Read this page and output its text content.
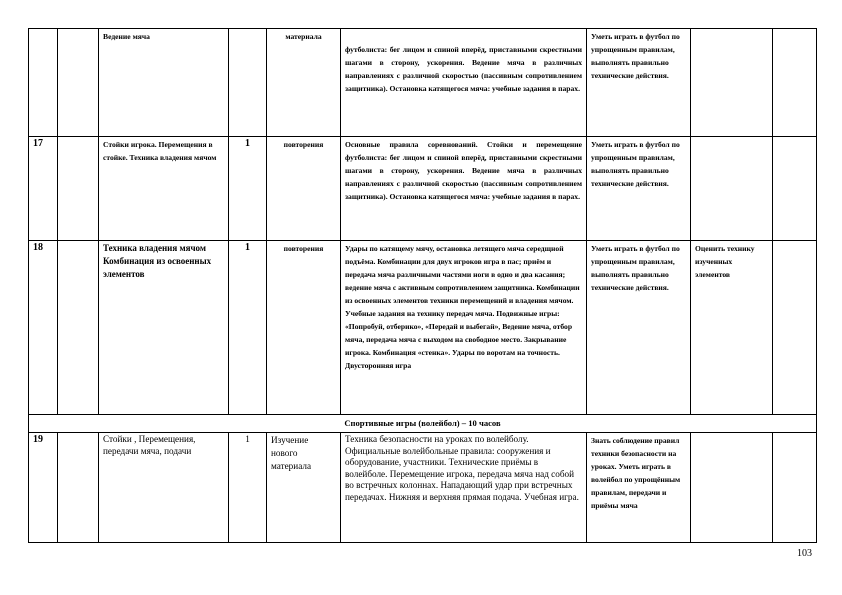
		Ведение мяча		материала	футболиста: бег лицом и спиной вперёд, приставными скрестными шагами в сторону, ускорения. Ведение мяча в различных направлениях с различной скоростью (пассивным сопротивлением защитника). Остановка катящегося мяча: учебные задания в парах.	Уметь играть в футбол по упрощенным правилам, выполнять правильно технические действия.		
17		Стойки игрока. Перемещения в стойке. Техника владения мячом	1	повторения	Основные правила соревнований. Стойки и перемещение футболиста: бег лицом и спиной вперёд, приставными скрестными шагами в сторону, ускорения. Ведение мяча в различных направлениях с различной скоростью (пассивным сопротивлением защитника). Остановка катящегося мяча: учебные задания в парах.	Уметь играть в футбол по упрощенным правилам, выполнять правильно технические действия.		
18		Техника владения мячом Комбинация из освоенных элементов	1	повторения	Удары по катящему мячу, остановка летящего мяча середщной подъёма. Комбинации для двух игроков игра в пас; приём и передача мяча различными частями ноги в одно и два касания; ведение мяча с активным сопротивлением защитника. Комбинации из освоенных элементов техники перемещений и владения мячом. Учебные задания на технику передач мяча. Подвижные игры: «Попробуй, отберико», «Передай и выбегай», Ведение мяча, отбор мяча, передача мяча с выходом на свободное место. Закрывание игрока. Комбинация «стенка». Удары по воротам на точность. Двусторонняя игра	Уметь играть в футбол по упрощенным правилам, выполнять правильно технические действия.	Оценить технику изученных элементов	
Спортивные игры (волейбол) – 10 часов								
19		Стойки , Перемещения, передачи мяча, подачи	1	Изучение нового материала	Техника безопасности на уроках по волейболу. Официальные волейбольные правила: сооружения и оборудование, участники. Технические приёмы в волейболе. Перемещение игрока, передача мяча над собой во встречных колоннах. Нападающий удар при встречных передачах. Нижняя и верхняя прямая подача. Учебная игра.	Знать соблюдение правил техники безопасности на уроках. Уметь играть в волейбол по упрощённым правилам, передачи и приёмы мяча		
103
